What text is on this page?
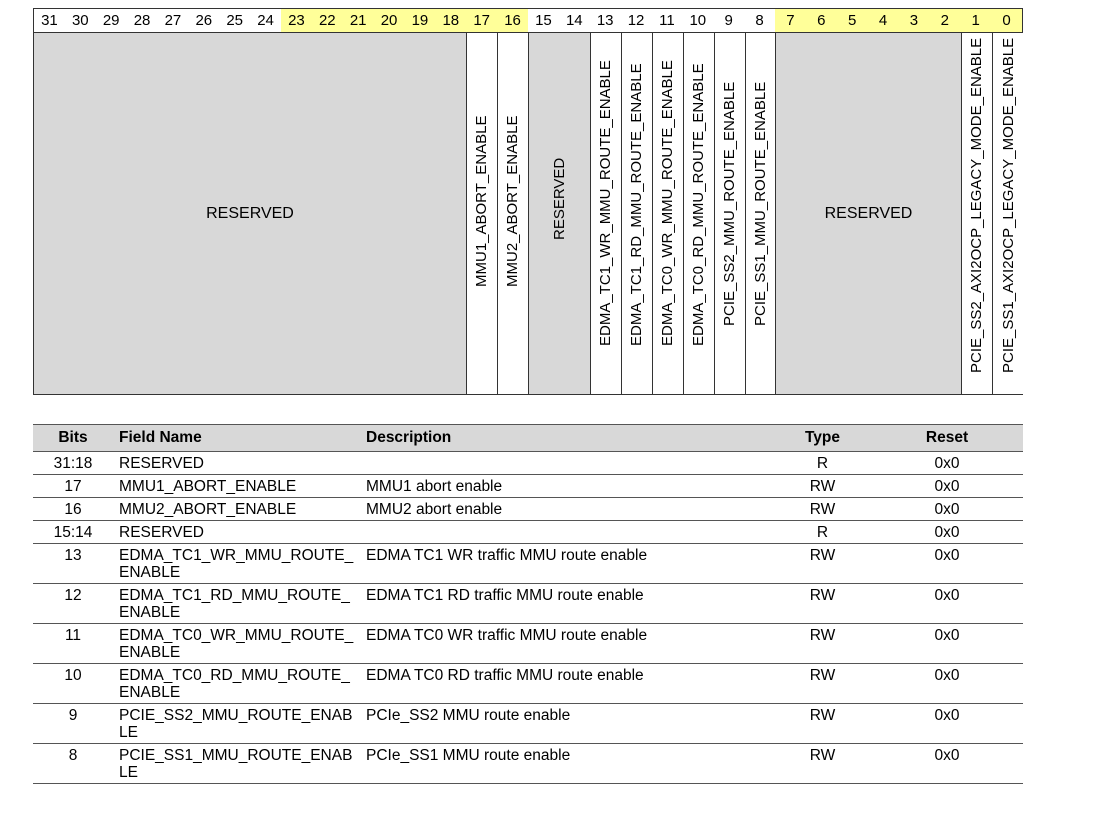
31 30 29 28 27 26 25 24 23 22 21 20 19 18 17 16 15 14 13 12 11 10	9	8	7	6	5	4	3	2	1	0
RESERVED	MMU1_ABORT_ENABLE MMU2_ABORT_ENABLE RESERVED EDMA_TC1_WR_MMU_ROUTE_ENABLE EDMA_TC1_RD_MMU_ROUTE_ENABLE EDMA_TC0_WR_MMU_ROUTE_ENABLE EDMA_TC0_RD_MMU_ROUTE_ENABLE PCIE_SS2_MMU_ROUTE_ENABLE PCIE_SS1_MMU_ROUTE_ENABLE	RESERVED	PCIE_SS2_AXI2OCP_LEGACY_MODE_ENABLE PCIE_SS1_AXI2OCP_LEGACY_MODE_ENABLE
Bits	Field Name	Description	Type	Reset
31:18	RESERVED		R	0x0
17	MMU1_ABORT_ENABLE	MMU1 abort enable	RW	0x0
16	MMU2_ABORT_ENABLE	MMU2 abort enable	RW	0x0
15:14	RESERVED		R	0x0
13	EDMA_TC1_WR_MMU_ROUTE_ENABLE	EDMA TC1 WR traffic MMU route enable	RW	0x0
12	EDMA_TC1_RD_MMU_ROUTE_ENABLE	EDMA TC1 RD traffic MMU route enable	RW	0x0
11	EDMA_TC0_WR_MMU_ROUTE_ENABLE	EDMA TC0 WR traffic MMU route enable	RW	0x0
10	EDMA_TC0_RD_MMU_ROUTE_ENABLE	EDMA TC0 RD traffic MMU route enable	RW	0x0
9	PCIE_SS2_MMU_ROUTE_ENABLE	PCIe_SS2 MMU route enable	RW	0x0
8	PCIE_SS1_MMU_ROUTE_ENABLE	PCIe_SS1 MMU route enable	RW	0x0
